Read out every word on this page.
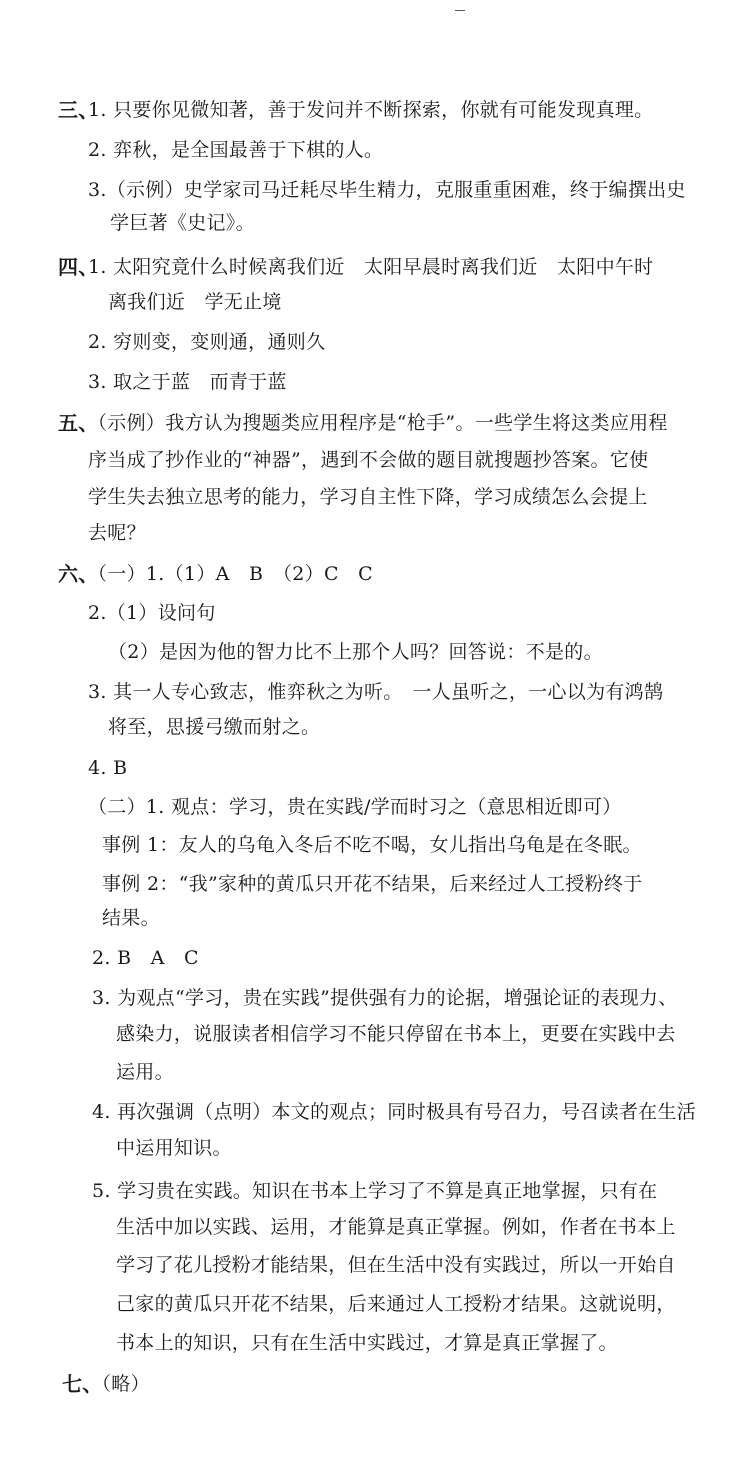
三、
1. 只要你见微知著，善于发问并不断探索，你就有可能发现真理。
2. 弈秋，是全国最善于下棋的人。
3.（示例）史学家司马迁耗尽毕生精力，克服重重困难，终于编撰出史
学巨著《史记》。
四、
1. 太阳究竟什么时候离我们近　太阳早晨时离我们近　太阳中午时
离我们近　学无止境
2. 穷则变，变则通，通则久
3. 取之于蓝　而青于蓝
五、
（示例）我方认为搜题类应用程序是“枪手”。一些学生将这类应用程
序当成了抄作业的“神器”，遇到不会做的题目就搜题抄答案。它使
学生失去独立思考的能力，学习自主性下降，学习成绩怎么会提上
去呢？
六、
（一）1.（1）A　B　（2）C　C
2.（1）设问句
（2）是因为他的智力比不上那个人吗？回答说：不是的。
3. 其一人专心致志，惟弈秋之为听。　一人虽听之，一心以为有鸿鹄
将至，思援弓缴而射之。
4. B
（二）1. 观点：学习，贵在实践/学而时习之（意思相近即可）
事例 1：友人的乌龟入冬后不吃不喝，女儿指出乌龟是在冬眠。
事例 2：“我”家种的黄瓜只开花不结果，后来经过人工授粉终于
结果。
2. B　A　C
3. 为观点“学习，贵在实践”提供强有力的论据，增强论证的表现力、
感染力，说服读者相信学习不能只停留在书本上，更要在实践中去
运用。
4. 再次强调（点明）本文的观点；同时极具有号召力，号召读者在生活
中运用知识。
5. 学习贵在实践。知识在书本上学习了不算是真正地掌握，只有在
生活中加以实践、运用，才能算是真正掌握。例如，作者在书本上
学习了花儿授粉才能结果，但在生活中没有实践过，所以一开始自
己家的黄瓜只开花不结果，后来通过人工授粉才结果。这就说明，
书本上的知识，只有在生活中实践过，才算是真正掌握了。
七、
（略）
